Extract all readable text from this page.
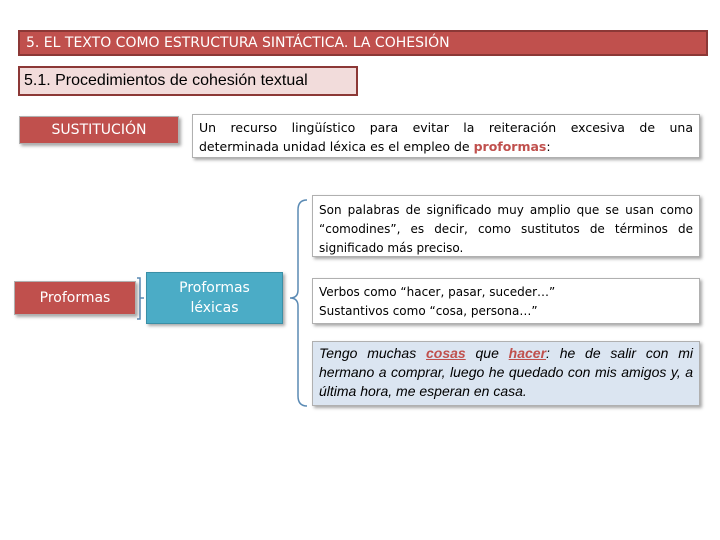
5. EL TEXTO COMO ESTRUCTURA SINTÁCTICA. LA COHESIÓN
5.1. Procedimientos de cohesión textual
SUSTITUCIÓN	Un recurso lingüístico para evitar la reiteración excesiva de una
determinada unidad léxica es el empleo de proformas:
Proformas
Proformas
léxicas
Son palabras de significado muy amplio que se usan como “comodines”, es decir, como sustitutos de términos de significado más preciso.
Verbos como “hacer, pasar, suceder…”
Sustantivos como “cosa, persona…”
Tengo muchas cosas que hacer: he de salir con mi hermano a comprar, luego he quedado con mis amigos y, a última hora, me esperan en casa.
